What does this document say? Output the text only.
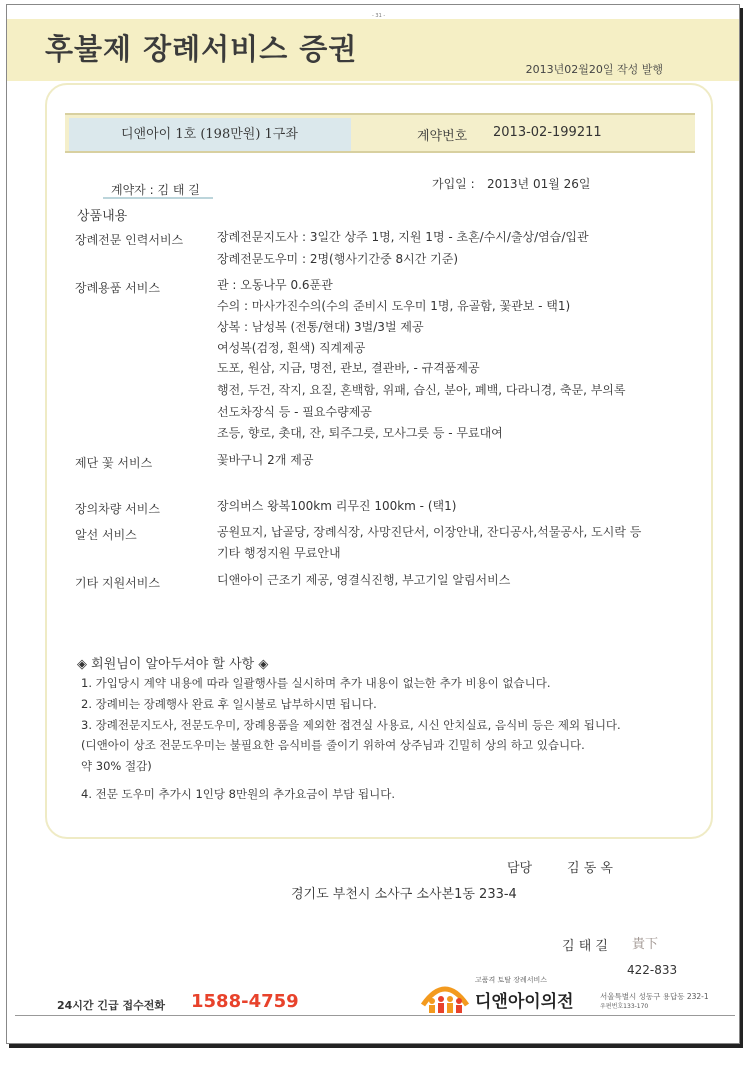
- 31 -
후불제 장례서비스 증권
2013년02월20일 작성 발행
디앤아이 1호 (198만원) 1구좌	계약번호 2013-02-199211
계약자 : 김 태 길	가입일 : 2013년 01월 26일
상품내용
장례전문 인력서비스	장례전문지도사 : 3일간 상주 1명, 지원 1명 - 초혼/수시/출상/염습/입관
장례전문도우미 : 2명(행사기간중 8시간 기준)
장례용품 서비스	관 : 오동나무 0.6푼관
수의 : 마사가진수의(수의 준비시 도우미 1명, 유골함, 꽃관보 - 택1)
상복 : 남성복 (전통/현대) 3벌/3벌 제공
여성복(검정, 흰색) 직계제공
도포, 원삼, 지금, 명전, 관보, 결관바, - 규격품제공
행전, 두건, 작지, 요질, 혼백함, 위패, 습신, 분아, 폐백, 다라니경, 축문, 부의록
선도차장식 등 - 필요수량제공
조등, 향로, 촛대, 잔, 퇴주그릇, 모사그릇 등 - 무료대여
제단 꽃 서비스	꽃바구니 2개 제공
장의차량 서비스	장의버스 왕복100km 리무진 100km - (택1)
알선 서비스	공원묘지, 납골당, 장례식장, 사망진단서, 이장안내, 잔디공사,석물공사, 도시락 등
기타 행정지원 무료안내
기타 지원서비스	디앤아이 근조기 제공, 영결식진행, 부고기일 알림서비스
◈ 회원님이 알아두셔야 할 사항 ◈
1. 가입당시 계약 내용에 따라 일괄행사를 실시하며 추가 내용이 없는한 추가 비용이 없습니다.
2. 장례비는 장례행사 완료 후 일시불로 납부하시면 됩니다.
3. 장례전문지도사, 전문도우미, 장례용품을 제외한 접견실 사용료, 시신 안치실료, 음식비 등은 제외 됩니다.
(디앤아이 상조 전문도우미는 불필요한 음식비를 줄이기 위하여 상주님과 긴밀히 상의 하고 있습니다.
약 30% 절감)
4. 전문 도우미 추가시 1인당 8만원의 추가요금이 부담 됩니다.
담당	김 동 옥
경기도 부천시 소사구 소사본1동 233-4
김 태 길 貴下
422-833
24시간 긴급 접수전화 1588-4759
고품격 토탈 장례서비스
디앤아이의전	서울특별시 성동구 용답동 232-1
우편번호133-170
